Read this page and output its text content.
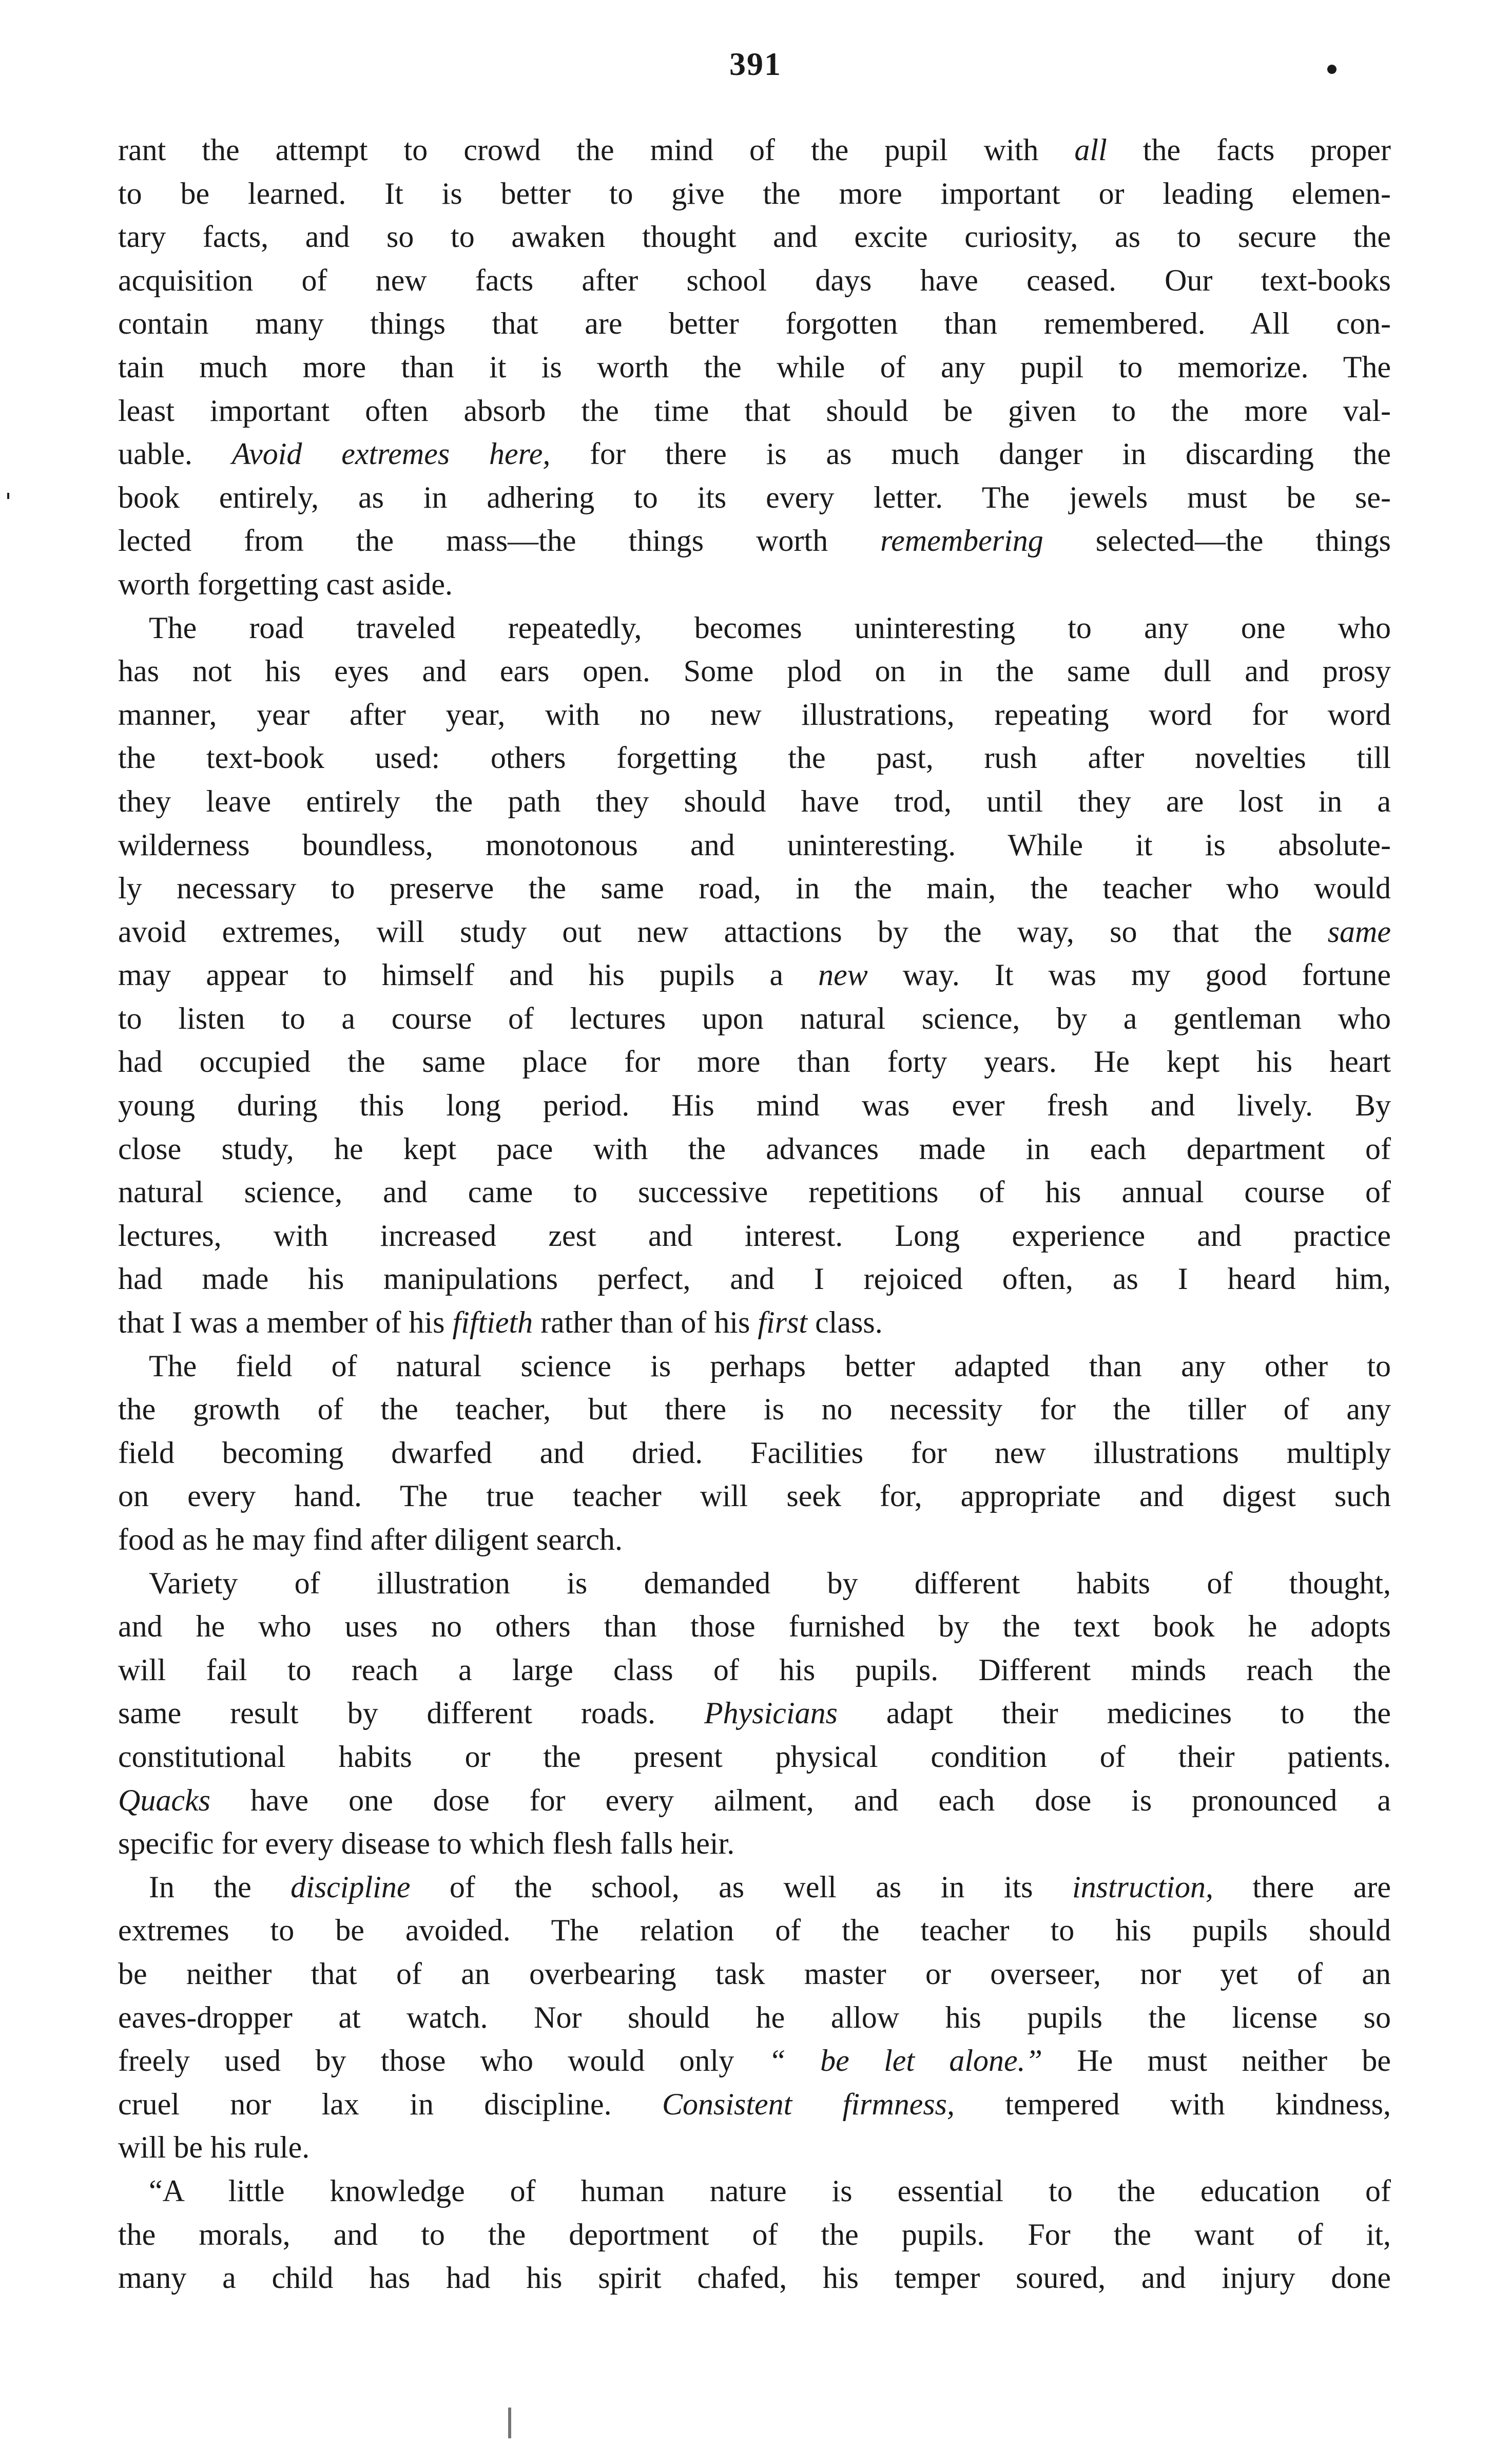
391
rant the attempt to crowd the mind of the pupil with all the facts proper
to be learned. It is better to give the more important or leading elemen-
tary facts, and so to awaken thought and excite curiosity, as to secure the
acquisition of new facts after school days have ceased. Our text-books
contain many things that are better forgotten than remembered. All con-
tain much more than it is worth the while of any pupil to memorize. The
least important often absorb the time that should be given to the more val-
uable. Avoid extremes here, for there is as much danger in discarding the
book entirely, as in adhering to its every letter. The jewels must be se-
lected from the mass—the things worth remembering selected—the things
worth forgetting cast aside.
The road traveled repeatedly, becomes uninteresting to any one who
has not his eyes and ears open. Some plod on in the same dull and prosy
manner, year after year, with no new illustrations, repeating word for word
the text-book used: others forgetting the past, rush after novelties till
they leave entirely the path they should have trod, until they are lost in a
wilderness boundless, monotonous and uninteresting. While it is absolute-
ly necessary to preserve the same road, in the main, the teacher who would
avoid extremes, will study out new attactions by the way, so that the same
may appear to himself and his pupils a new way. It was my good fortune
to listen to a course of lectures upon natural science, by a gentleman who
had occupied the same place for more than forty years. He kept his heart
young during this long period. His mind was ever fresh and lively. By
close study, he kept pace with the advances made in each department of
natural science, and came to successive repetitions of his annual course of
lectures, with increased zest and interest. Long experience and practice
had made his manipulations perfect, and I rejoiced often, as I heard him,
that I was a member of his fiftieth rather than of his first class.
The field of natural science is perhaps better adapted than any other to
the growth of the teacher, but there is no necessity for the tiller of any
field becoming dwarfed and dried. Facilities for new illustrations multiply
on every hand. The true teacher will seek for, appropriate and digest such
food as he may find after diligent search.
Variety of illustration is demanded by different habits of thought,
and he who uses no others than those furnished by the text book he adopts
will fail to reach a large class of his pupils. Different minds reach the
same result by different roads. Physicians adapt their medicines to the
constitutional habits or the present physical condition of their patients.
Quacks have one dose for every ailment, and each dose is pronounced a
specific for every disease to which flesh falls heir.
In the discipline of the school, as well as in its instruction, there are
extremes to be avoided. The relation of the teacher to his pupils should
be neither that of an overbearing task master or overseer, nor yet of an
eaves-dropper at watch. Nor should he allow his pupils the license so
freely used by those who would only “ be let alone.” He must neither be
cruel nor lax in discipline. Consistent firmness, tempered with kindness,
will be his rule.
“A little knowledge of human nature is essential to the education of
the morals, and to the deportment of the pupils. For the want of it,
many a child has had his spirit chafed, his temper soured, and injury done
